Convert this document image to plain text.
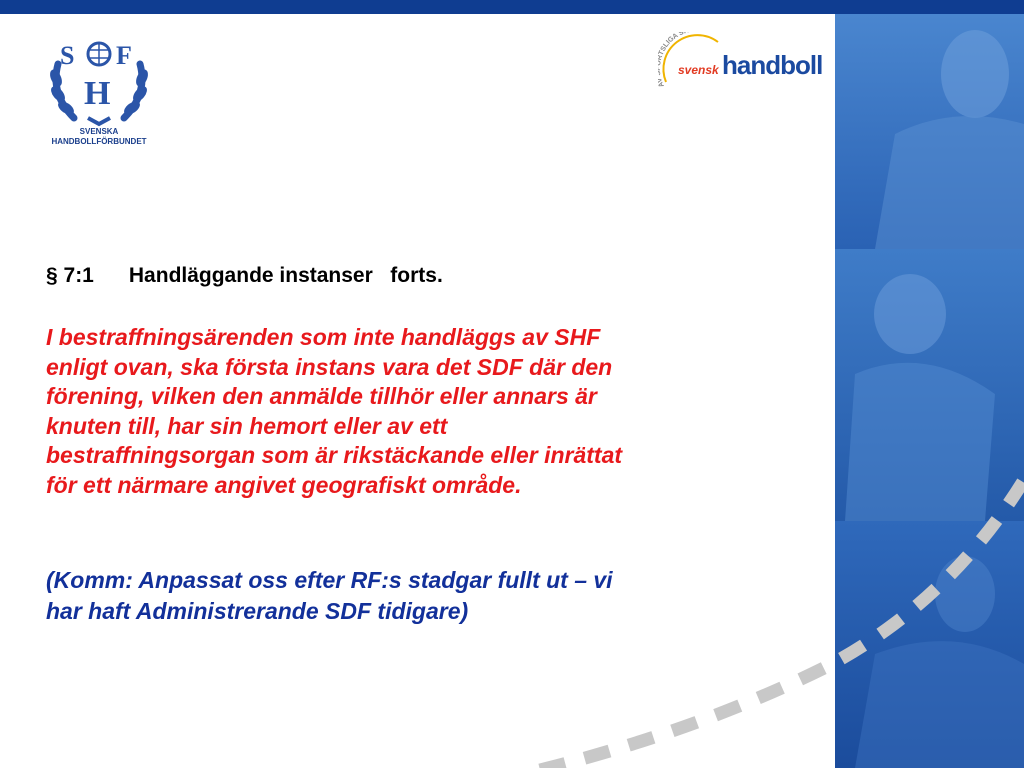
S F
H
SVENSKA
HANDBOLLFÖRBUNDET
A TSLIGA S
svensk handboll
§ 7:1 Handläggande instanser forts.
I bestraffningsärenden som inte handläggs av SHF
enligt ovan, ska första instans vara det SDF där den
förening, vilken den anmälde tillhör eller annars är
knuten till, har sin hemort eller av ett
bestraffningsorgan som är rikstäckande eller inrättat
för ett närmare angivet geografiskt område.
(Komm: Anpassat oss efter RF:s stadgar fullt ut – vi
har haft Administrerande SDF tidigare)
